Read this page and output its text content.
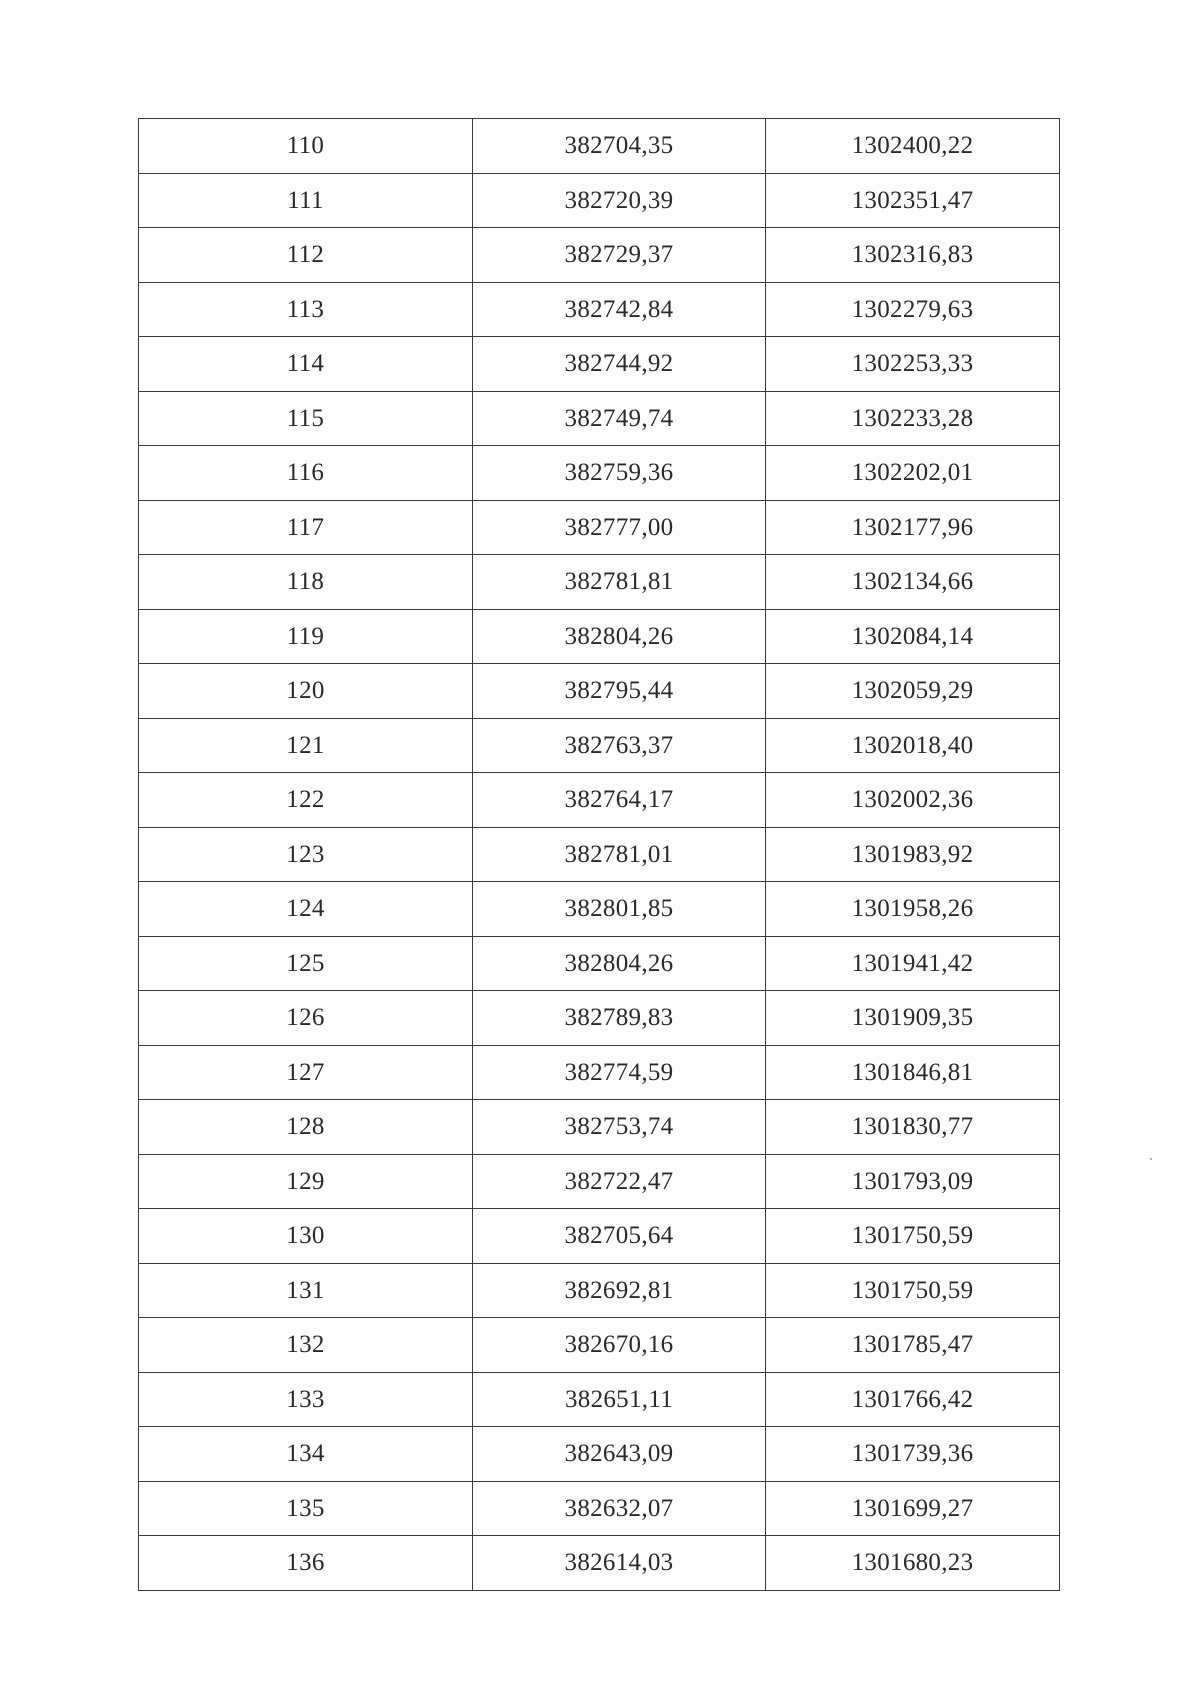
110	382704,35	1302400,22
111	382720,39	1302351,47
112	382729,37	1302316,83
113	382742,84	1302279,63
114	382744,92	1302253,33
115	382749,74	1302233,28
116	382759,36	1302202,01
117	382777,00	1302177,96
118	382781,81	1302134,66
119	382804,26	1302084,14
120	382795,44	1302059,29
121	382763,37	1302018,40
122	382764,17	1302002,36
123	382781,01	1301983,92
124	382801,85	1301958,26
125	382804,26	1301941,42
126	382789,83	1301909,35
127	382774,59	1301846,81
128	382753,74	1301830,77
129	382722,47	1301793,09
130	382705,64	1301750,59
131	382692,81	1301750,59
132	382670,16	1301785,47
133	382651,11	1301766,42
134	382643,09	1301739,36
135	382632,07	1301699,27
136	382614,03	1301680,23
